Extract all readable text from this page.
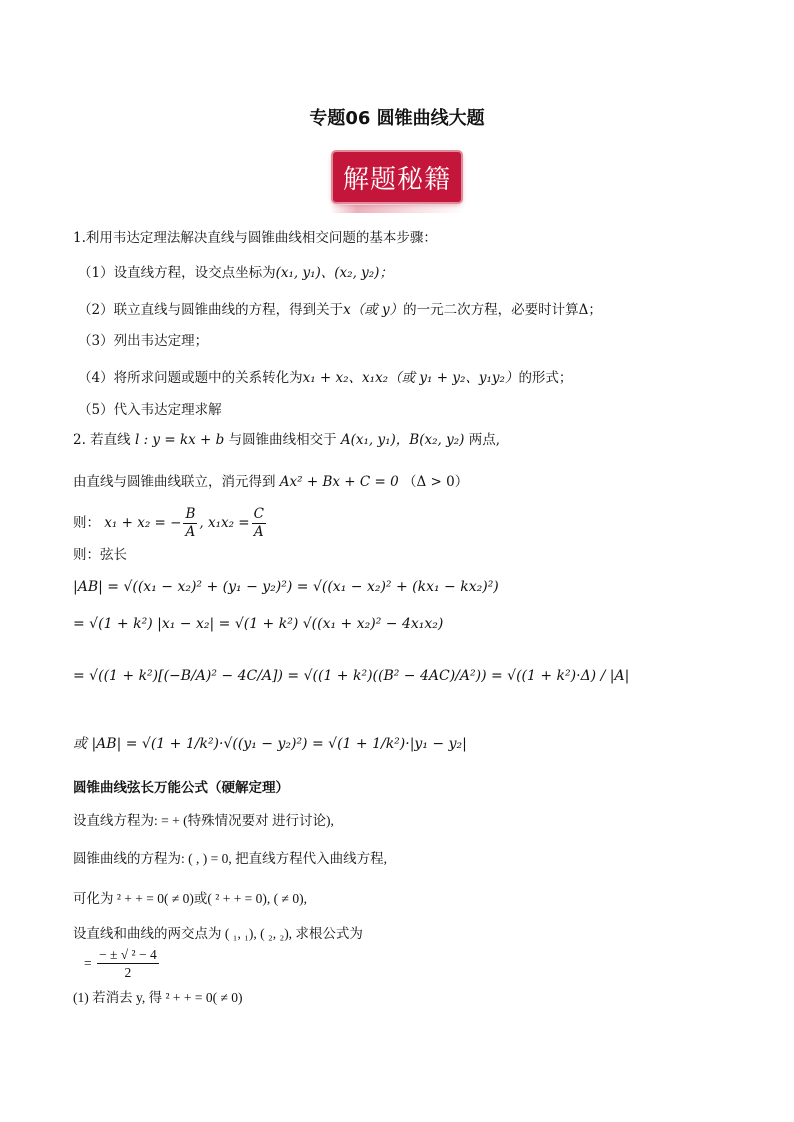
专题06 圆锥曲线大题
解题秘籍
1.利用韦达定理法解决直线与圆锥曲线相交问题的基本步骤：
（1）设直线方程，设交点坐标为(x₁, y₁)、(x₂, y₂)；
（2）联立直线与圆锥曲线的方程，得到关于x（或 y）的一元二次方程，必要时计算Δ；
（3）列出韦达定理；
（4）将所求问题或题中的关系转化为x₁ + x₂、x₁x₂（或 y₁ + y₂、y₁y₂）的形式；
（5）代入韦达定理求解
2. 若直线 l : y = kx + b 与圆锥曲线相交于 A(x₁, y₁)，B(x₂, y₂) 两点,
由直线与圆锥曲线联立，消元得到 Ax² + Bx + C = 0 （Δ > 0）
则： x₁ + x₂ = − $\frac{B}{A}$ , $x_1x_2 = \frac{C}{A}$
则：弦长
|AB| = √((x₁ − x₂)² + (y₁ − y₂)²) = √((x₁ − x₂)² + (kx₁ − kx₂)²)
= √(1 + k²) |x₁ − x₂| = √(1 + k²) √((x₁ + x₂)² − 4x₁x₂)
= √((1 + k²)[(−B/A)² − 4C/A]) = √((1 + k²)((B² − 4AC)/A²)) = √((1 + k²)·Δ) / |A|
或 |AB| = √(1 + 1/k²)·√((y₁ − y₂)²) = √(1 + 1/k²)·|y₁ − y₂|
圆锥曲线弦长万能公式（硬解定理）
设直线方程为: = + (特殊情况要对 进行讨论),
圆锥曲线的方程为: ( , ) = 0, 把直线方程代入曲线方程,
可化为 ² + + = 0( ≠ 0)或( ² + + = 0), ( ≠ 0),
设直线和曲线的两交点为 ( ₁, ₁), ( ₂, ₂), 求根公式为
= $\frac{\text{− ± √ ² − 4}}{2}$
(1) 若消去 y, 得 ² + + = 0( ≠ 0)
